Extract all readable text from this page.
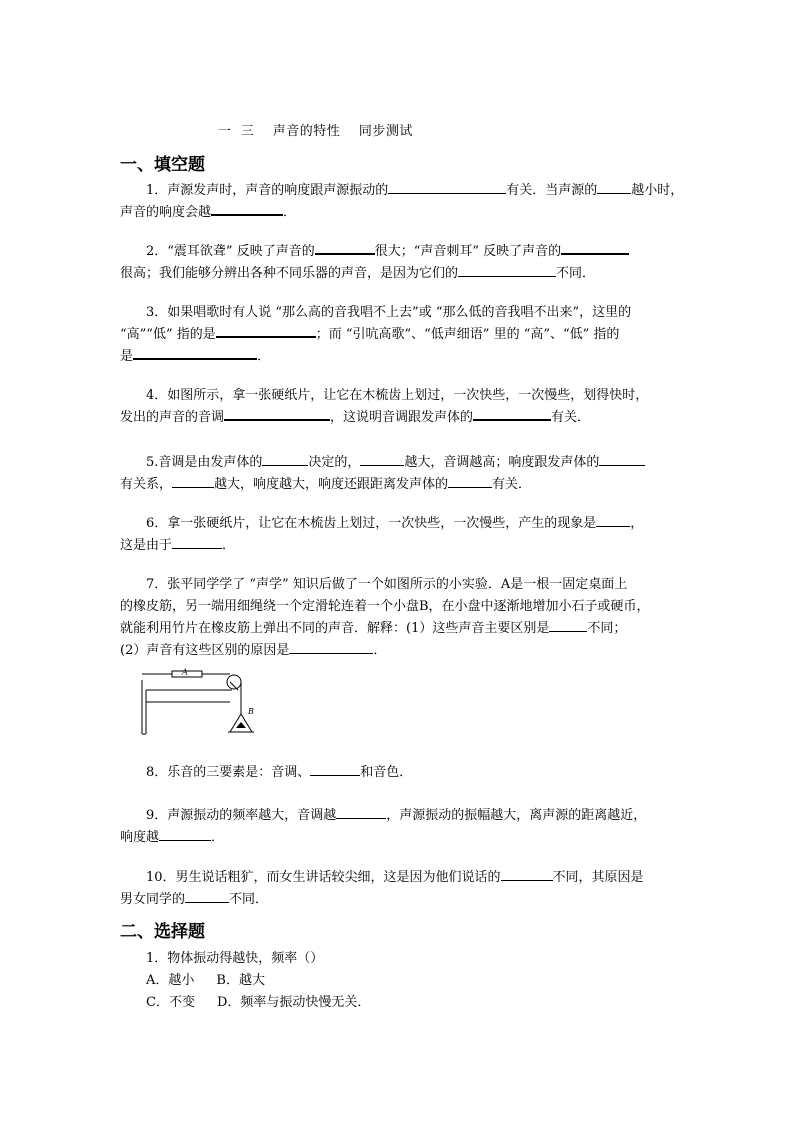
一  三    声音的特性    同步测试
一、填空题
1．声源发声时，声音的响度跟声源振动的	有关．当声源的	越小时，
声音的响度会越	．
2．“震耳欲聋” 反映了声音的	很大；“声音刺耳” 反映了声音的
很高；我们能够分辨出各种不同乐器的声音，是因为它们的	不同．
3．如果唱歌时有人说 “那么高的音我唱不上去”或 “那么低的音我唱不出来”，这里的
“高”“低” 指的是	；而 “引吭高歌”、“低声细语” 里的 “高”、“低” 指的
是	．
4．如图所示，拿一张硬纸片，让它在木梳齿上划过，一次快些，一次慢些，划得快时，
发出的声音的音调	，这说明音调跟发声体的	有关．
5.音调是由发声体的	决定的，	越大，音调越高；响度跟发声体的
有关系，	越大，响度越大，响度还跟距离发声体的	有关．
6．拿一张硬纸片，让它在木梳齿上划过，一次快些，一次慢些，产生的现象是	，
这是由于	．
7．张平同学学了 “声学” 知识后做了一个如图所示的小实验．A是一根一固定桌面上
的橡皮筋，另一端用细绳绕一个定滑轮连着一个小盘B，在小盘中逐渐地增加小石子或硬币，
就能利用竹片在橡皮筋上弹出不同的声音．解释：(1）这些声音主要区别是	不同；
(2）声音有这些区别的原因是	．
A
B
8．乐音的三要素是：音调、	和音色．
9．声源振动的频率越大，音调越	，声源振动的振幅越大，离声源的距离越近，
响度越	．
10．男生说话粗犷，而女生讲话较尖细，这是因为他们说话的	不同，其原因是
男女同学的	不同．
二、选择题
1．物体振动得越快，频率（）
A．越小 B．越大
C．不变 D．频率与振动快慢无关．
